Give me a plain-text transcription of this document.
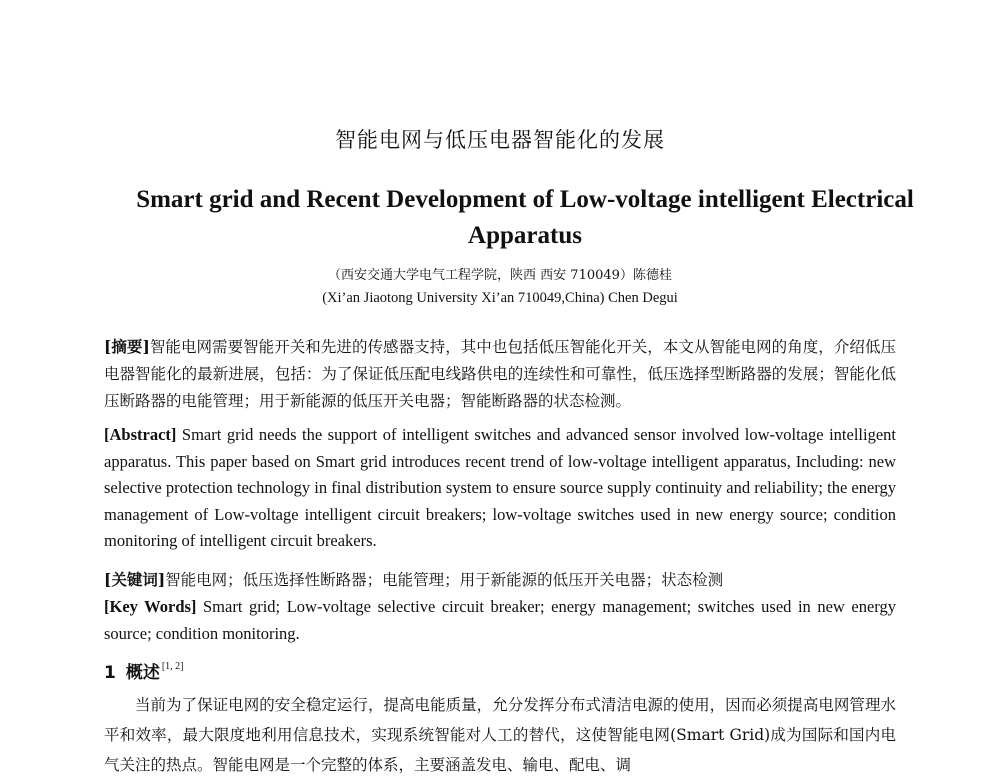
智能电网与低压电器智能化的发展
Smart grid and Recent Development of Low-voltage intelligent Electrical Apparatus
（西安交通大学电气工程学院，陕西 西安 710049）陈德桂
(Xi’an Jiaotong University Xi’an 710049,China) Chen Degui
[摘要]智能电网需要智能开关和先进的传感器支持，其中也包括低压智能化开关，本文从智能电网的角度，介绍低压电器智能化的最新进展，包括：为了保证低压配电线路供电的连续性和可靠性，低压选择型断路器的发展；智能化低压断路器的电能管理；用于新能源的低压开关电器；智能断路器的状态检测。
[Abstract] Smart grid needs the support of intelligent switches and advanced sensor involved low-voltage intelligent apparatus. This paper based on Smart grid introduces recent trend of low-voltage intelligent apparatus, Including: new selective protection technology in final distribution system to ensure source supply continuity and reliability; the energy management of Low-voltage intelligent circuit breakers; low-voltage switches used in new energy source; condition monitoring of intelligent circuit breakers.
[关键词]智能电网；低压选择性断路器；电能管理；用于新能源的低压开关电器；状态检测
[Key Words] Smart grid; Low-voltage selective circuit breaker; energy management; switches used in new energy source; condition monitoring.
1 概述 [1, 2]
当前为了保证电网的安全稳定运行，提高电能质量，允分发挥分布式清洁电源的使用，因而必须提高电网管理水平和效率，最大限度地利用信息技术，实现系统智能对人工的替代，这使智能电网(Smart Grid)成为国际和国内电气关注的热点。智能电网是一个完整的体系，主要涵盖发电、输电、配电、调
